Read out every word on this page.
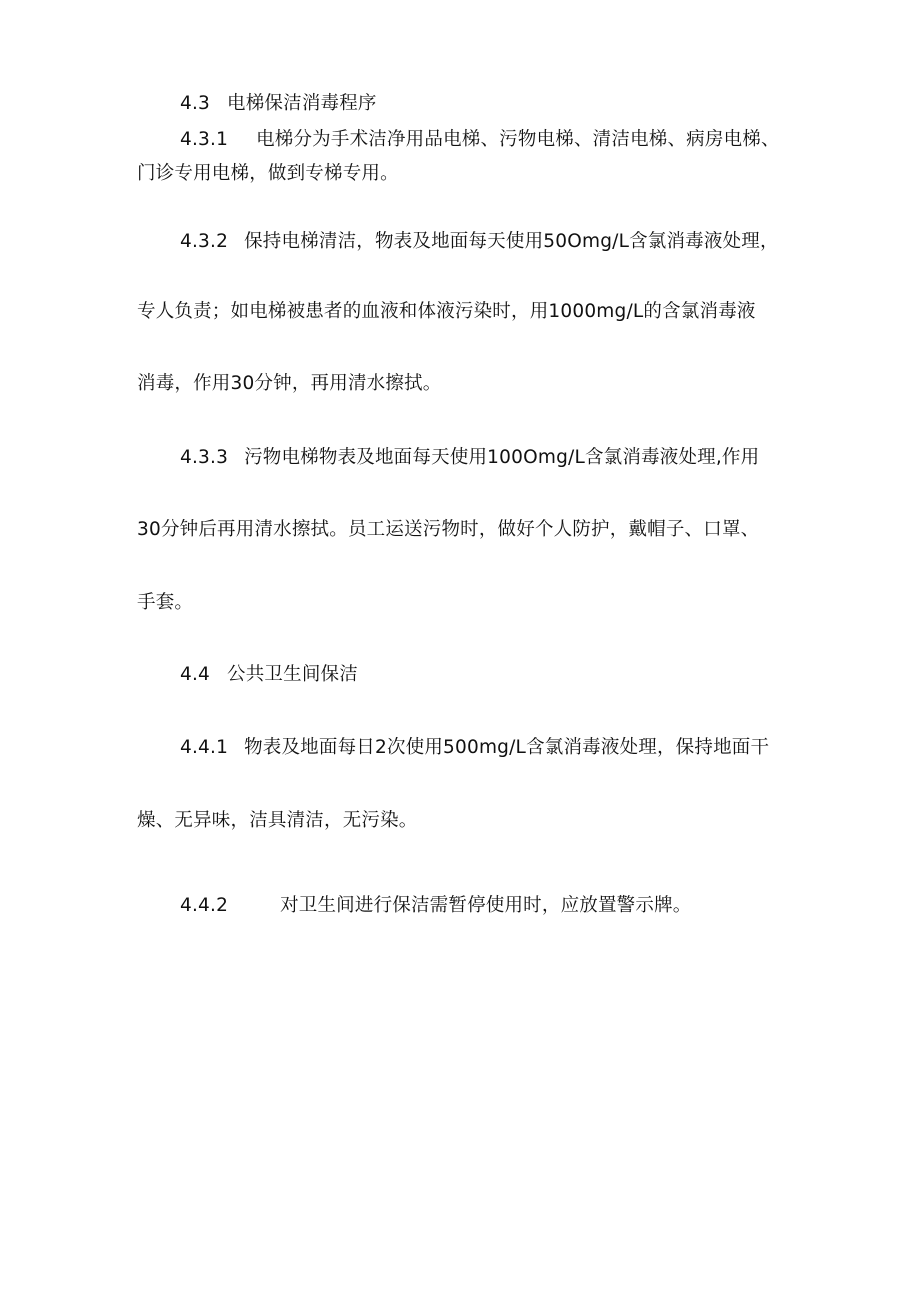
4.3 电梯保洁消毒程序
4.3.1 电梯分为手术洁净用品电梯、污物电梯、清洁电梯、病房电梯、
门诊专用电梯，做到专梯专用。
4.3.2 保持电梯清洁，物表及地面每天使用50Omg/L含氯消毒液处理，
专人负责；如电梯被患者的血液和体液污染时，用1000mg/L的含氯消毒液
消毒，作用30分钟，再用清水擦拭。
4.3.3 污物电梯物表及地面每天使用100Omg/L含氯消毒液处理,作用
30分钟后再用清水擦拭。员工运送污物时，做好个人防护，戴帽子、口罩、
手套。
4.4 公共卫生间保洁
4.4.1 物表及地面每日2次使用500mg/L含氯消毒液处理，保持地面干
燥、无异味，洁具清洁，无污染。
4.4.2	对卫生间进行保洁需暂停使用时，应放置警示牌。
